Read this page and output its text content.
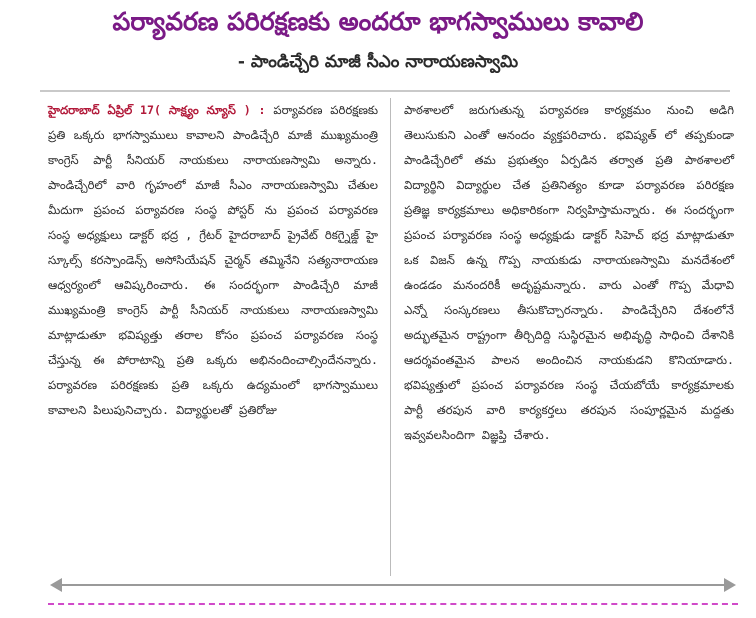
పర్యావరణ పరిరక్షణకు అందరూ భాగస్వాములు కావాలి
- పాండిచ్చేరి మాజీ సీఎం నారాయణస్వామి

హైదరాబాద్ ఏప్రిల్ 17( సాక్ష్యం న్యూస్ ) : పర్యావరణ పరిరక్షణకు ప్రతి ఒక్కరు భాగస్వాములు కావాలని పాండిచ్చేరి మాజీ ముఖ్యమంత్రి కాంగ్రెస్ పార్టీ సీనియర్ నాయకులు నారాయణస్వామి అన్నారు. పాండిచ్చేరిలో వారి గృహంలో మాజీ సీఎం నారాయణస్వామి చేతుల మీదుగా ప్రపంచ పర్యావరణ సంస్థ పోస్టర్ ను ప్రపంచ పర్యావరణ సంస్థ అధ్యక్షులు డాక్టర్ భద్ర , గ్రేటర్ హైదరాబాద్ ప్రైవేట్ రికగ్నైజ్డ్ హై స్కూల్స్ కరస్పాండెన్స్ అసోసియేషన్ చైర్మన్ తమ్మినేని సత్యనారాయణ ఆధ్వర్యంలో ఆవిష్కరించారు. ఈ సందర్భంగా పాండిచ్చేరి మాజీ ముఖ్యమంత్రి కాంగ్రెస్ పార్టీ సీనియర్ నాయకులు నారాయణస్వామి మాట్లాడుతూ భవిష్యత్తు తరాల కోసం ప్రపంచ పర్యావరణ సంస్థ చేస్తున్న ఈ పోరాటాన్ని ప్రతి ఒక్కరు అభినందించాల్సిందేనన్నారు. పర్యావరణ పరిరక్షణకు ప్రతి ఒక్కరు ఉద్యమంలో భాగస్వాములు కావాలని పిలుపునిచ్చారు. విద్యార్థులతో ప్రతిరోజు

పాఠశాలలో జరుగుతున్న పర్యావరణ కార్యక్రమం నుంచి అడిగి తెలుసుకుని ఎంతో ఆనందం వ్యక్తపరిచారు. భవిష్యత్ లో తప్పకుండా పాండిచ్చేరిలో తమ ప్రభుత్వం ఏర్పడిన తర్వాత ప్రతి పాఠశాలలో విద్యార్థిని విద్యార్థుల చేత ప్రతినిత్యం కూడా పర్యావరణ పరిరక్షణ ప్రతిజ్ఞ కార్యక్రమాలు అధికారికంగా నిర్వహిస్తామన్నారు. ఈ సందర్భంగా ప్రపంచ పర్యావరణ సంస్థ అధ్యక్షుడు డాక్టర్ సిహెచ్ భద్ర మాట్లాడుతూ ఒక విజన్ ఉన్న గొప్ప నాయకుడు నారాయణస్వామి మనదేశంలో ఉండడం మనందరికీ అదృష్టమన్నారు. వారు ఎంతో గొప్ప మేధావి ఎన్నో సంస్కరణలు తీసుకొచ్చారన్నారు. పాండిచ్చేరిని దేశంలోనే అద్భుతమైన రాష్ట్రంగా తీర్చిదిద్ది సుస్థిరమైన అభివృద్ధి సాధించి దేశానికి ఆదర్శవంతమైన పాలన అందించిన నాయకుడని కొనియాడారు. భవిష్యత్తులో ప్రపంచ పర్యావరణ సంస్థ చేయబోయే కార్యక్రమాలకు పార్టీ తరపున వారి కార్యకర్తలు తరపున సంపూర్ణమైన మద్దతు ఇవ్వవలసిందిగా విజ్ఞప్తి చేశారు.
